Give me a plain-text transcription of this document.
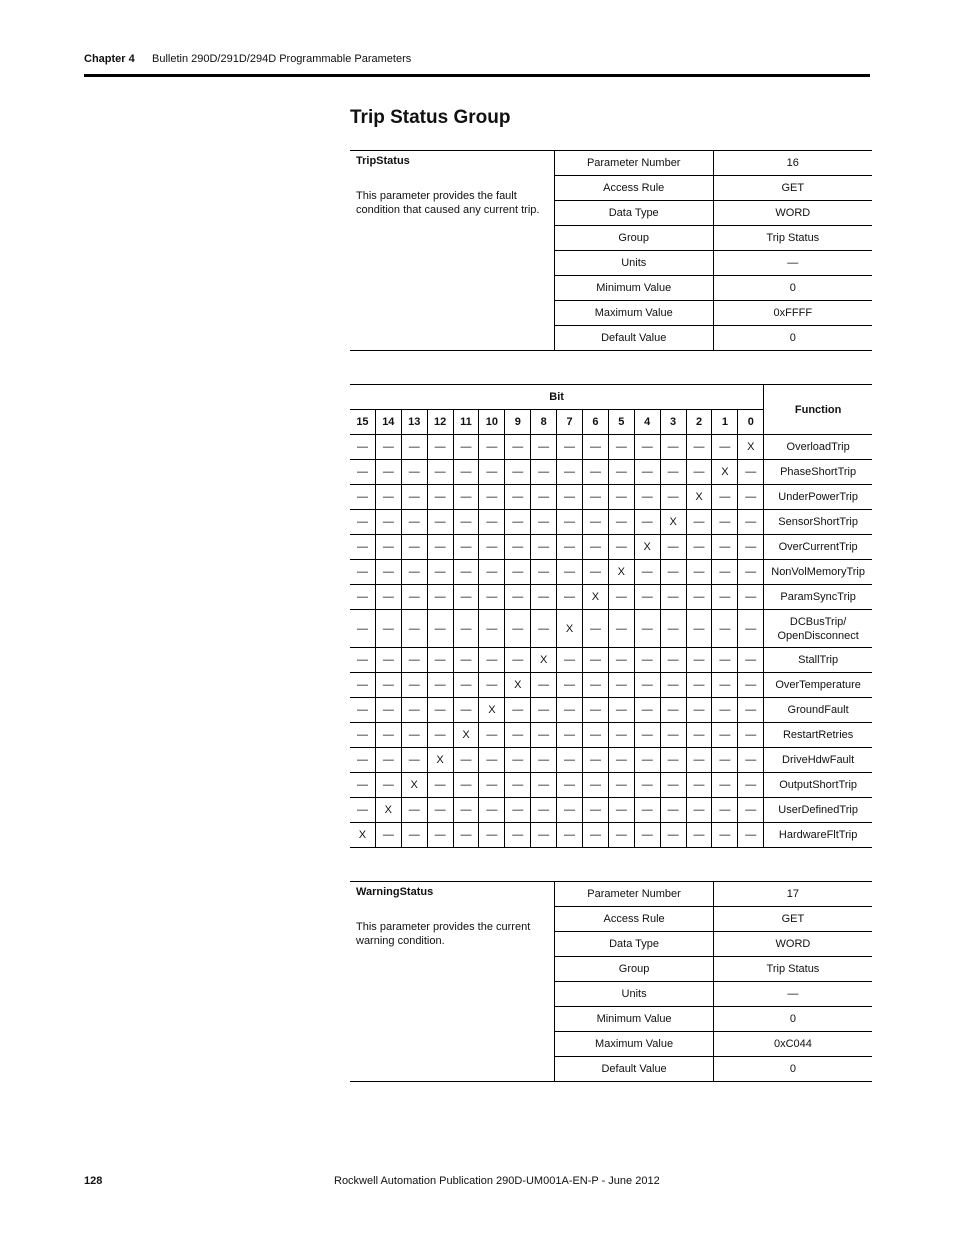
Chapter 4 Bulletin 290D/291D/294D Programmable Parameters
Trip Status Group
TripStatus
This parameter provides the fault condition that caused any current trip.	Parameter Number	16
	Access Rule	GET
	Data Type	WORD
	Group	Trip Status
	Units	—
	Minimum Value	0
	Maximum Value	0xFFFF
	Default Value	0
Bit																Function
15	14	13	12	11	10	9	8	7	6	5	4	3	2	1	0	
—	—	—	—	—	—	—	—	—	—	—	—	—	—	—	X	OverloadTrip
—	—	—	—	—	—	—	—	—	—	—	—	—	—	X	—	PhaseShortTrip
—	—	—	—	—	—	—	—	—	—	—	—	—	X	—	—	UnderPowerTrip
—	—	—	—	—	—	—	—	—	—	—	—	X	—	—	—	SensorShortTrip
—	—	—	—	—	—	—	—	—	—	—	X	—	—	—	—	OverCurrentTrip
—	—	—	—	—	—	—	—	—	—	X	—	—	—	—	—	NonVolMemoryTrip
—	—	—	—	—	—	—	—	—	X	—	—	—	—	—	—	ParamSyncTrip
—	—	—	—	—	—	—	—	X	—	—	—	—	—	—	—	DCBusTrip/
OpenDisconnect
—	—	—	—	—	—	—	X	—	—	—	—	—	—	—	—	StallTrip
—	—	—	—	—	—	X	—	—	—	—	—	—	—	—	—	OverTemperature
—	—	—	—	—	X	—	—	—	—	—	—	—	—	—	—	GroundFault
—	—	—	—	X	—	—	—	—	—	—	—	—	—	—	—	RestartRetries
—	—	—	X	—	—	—	—	—	—	—	—	—	—	—	—	DriveHdwFault
—	—	X	—	—	—	—	—	—	—	—	—	—	—	—	—	OutputShortTrip
—	X	—	—	—	—	—	—	—	—	—	—	—	—	—	—	UserDefinedTrip
X	—	—	—	—	—	—	—	—	—	—	—	—	—	—	—	HardwareFltTrip
WarningStatus
This parameter provides the current warning condition.	Parameter Number	17
	Access Rule	GET
	Data Type	WORD
	Group	Trip Status
	Units	—
	Minimum Value	0
	Maximum Value	0xC044
	Default Value	0
128	Rockwell Automation Publication 290D-UM001A-EN-P - June 2012
